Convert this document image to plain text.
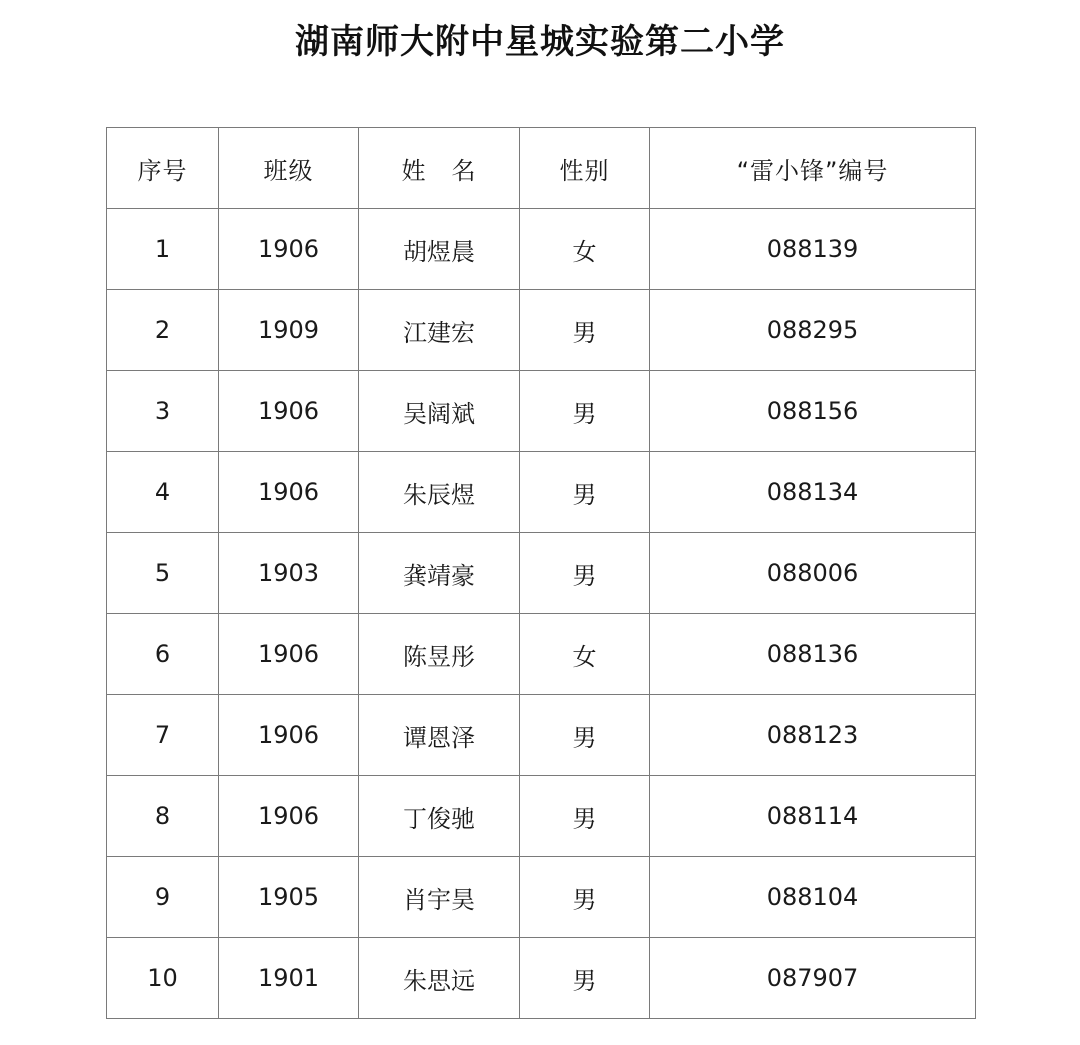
湖南师大附中星城实验第二小学
序号	班级	姓　名	性别	“雷小锋”编号
1	1906	胡煜晨	女	088139
2	1909	江建宏	男	088295
3	1906	吴阔斌	男	088156
4	1906	朱辰煜	男	088134
5	1903	龚靖豪	男	088006
6	1906	陈昱彤	女	088136
7	1906	谭恩泽	男	088123
8	1906	丁俊驰	男	088114
9	1905	肖宇昊	男	088104
10	1901	朱思远	男	087907
